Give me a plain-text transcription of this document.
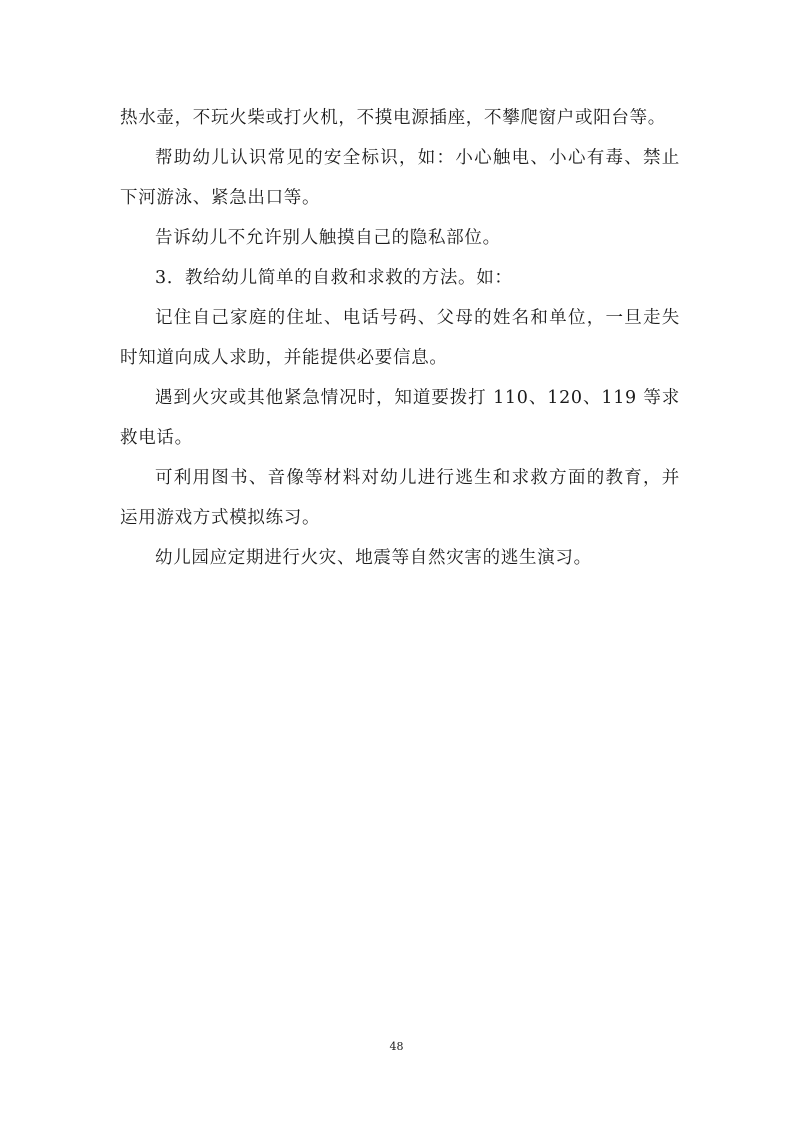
热水壶，不玩火柴或打火机，不摸电源插座，不攀爬窗户或阳台等。

帮助幼儿认识常见的安全标识，如：小心触电、小心有毒、禁止下河游泳、紧急出口等。

告诉幼儿不允许别人触摸自己的隐私部位。

3．教给幼儿简单的自救和求救的方法。如：

记住自己家庭的住址、电话号码、父母的姓名和单位，一旦走失时知道向成人求助，并能提供必要信息。

遇到火灾或其他紧急情况时，知道要拨打 110、120、119 等求救电话。

可利用图书、音像等材料对幼儿进行逃生和求救方面的教育，并运用游戏方式模拟练习。

幼儿园应定期进行火灾、地震等自然灾害的逃生演习。

48
